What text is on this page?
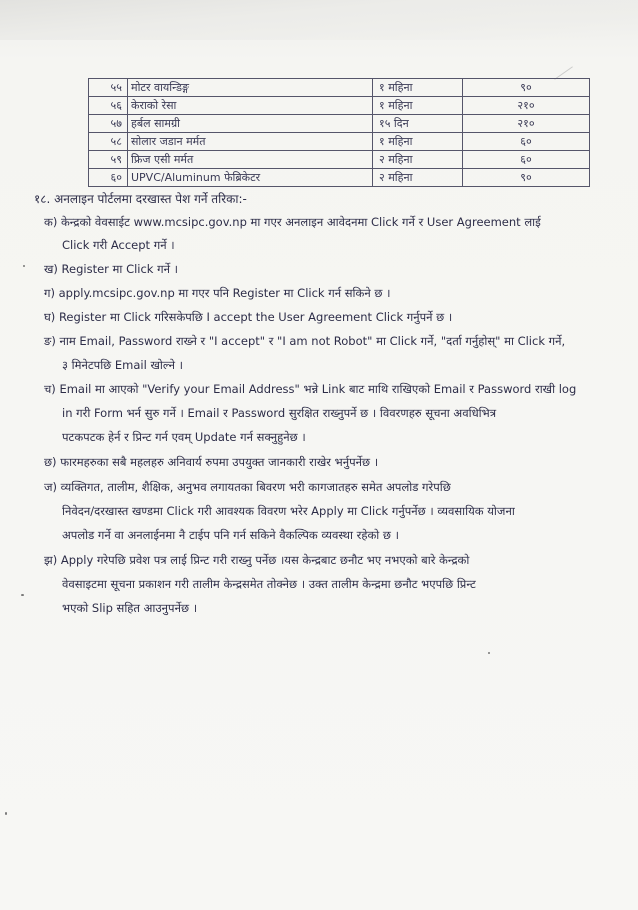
५५	मोटर वायन्डिङ्ग	१ महिना	९०
५६	केराको रेसा	१ महिना	२१०
५७	हर्बल सामग्री	१५ दिन	२१०
५८	सोलार जडान मर्मत	१ महिना	६०
५९	फ्रिज एसी मर्मत	२ महिना	६०
६०	UPVC/Aluminum फेब्रिकेटर	२ महिना	९०
१८. अनलाइन पोर्टलमा दरखास्त पेश गर्ने तरिका:-
क) केन्द्रको वेवसाईट www.mcsipc.gov.np मा गएर अनलाइन आवेदनमा Click गर्ने र User Agreement लाई
Click गरी Accept गर्ने ।
ख) Register मा Click गर्ने ।
ग) apply.mcsipc.gov.np मा गएर पनि Register मा Click गर्न सकिने छ ।
घ) Register मा Click गरिसकेपछि I accept the User Agreement Click गर्नुपर्ने छ ।
ङ) नाम Email, Password राख्ने र "I accept" र "I am not Robot" मा Click गर्ने, "दर्ता गर्नुहोस्" मा Click गर्ने,
३ मिनेटपछि Email खोल्ने ।
च) Email मा आएको "Verify your Email Address" भन्ने Link बाट माथि राखिएको Email र Password राखी log
in गरी Form भर्न सुरु गर्ने । Email र Password सुरक्षित राख्नुपर्ने छ । विवरणहरु सूचना अवधिभित्र
पटकपटक हेर्न र प्रिन्ट गर्न एवम् Update गर्न सक्नुहुनेछ ।
छ) फारमहरुका सबै महलहरु अनिवार्य रुपमा उपयुक्त जानकारी राखेर भर्नुपर्नेछ ।
ज) व्यक्तिगत, तालीम, शैक्षिक, अनुभव लगायतका बिवरण भरी कागजातहरु समेत अपलोड गरेपछि
निवेदन/दरखास्त खण्डमा Click गरी आवश्यक विवरण भरेर Apply मा Click गर्नुपर्नेछ । व्यवसायिक योजना
अपलोड गर्ने वा अनलाईनमा नै टाईप पनि गर्न सकिने वैकल्पिक व्यवस्था रहेको छ ।
झ) Apply गरेपछि प्रवेश पत्र लाई प्रिन्ट गरी राख्नु पर्नेछ ।यस केन्द्रबाट छनौट भए नभएको बारे केन्द्रको
वेवसाइटमा सूचना प्रकाशन गरी तालीम केन्द्रसमेत तोक्नेछ । उक्त तालीम केन्द्रमा छनौट भएपछि प्रिन्ट
भएको Slip सहित आउनुपर्नेछ ।
